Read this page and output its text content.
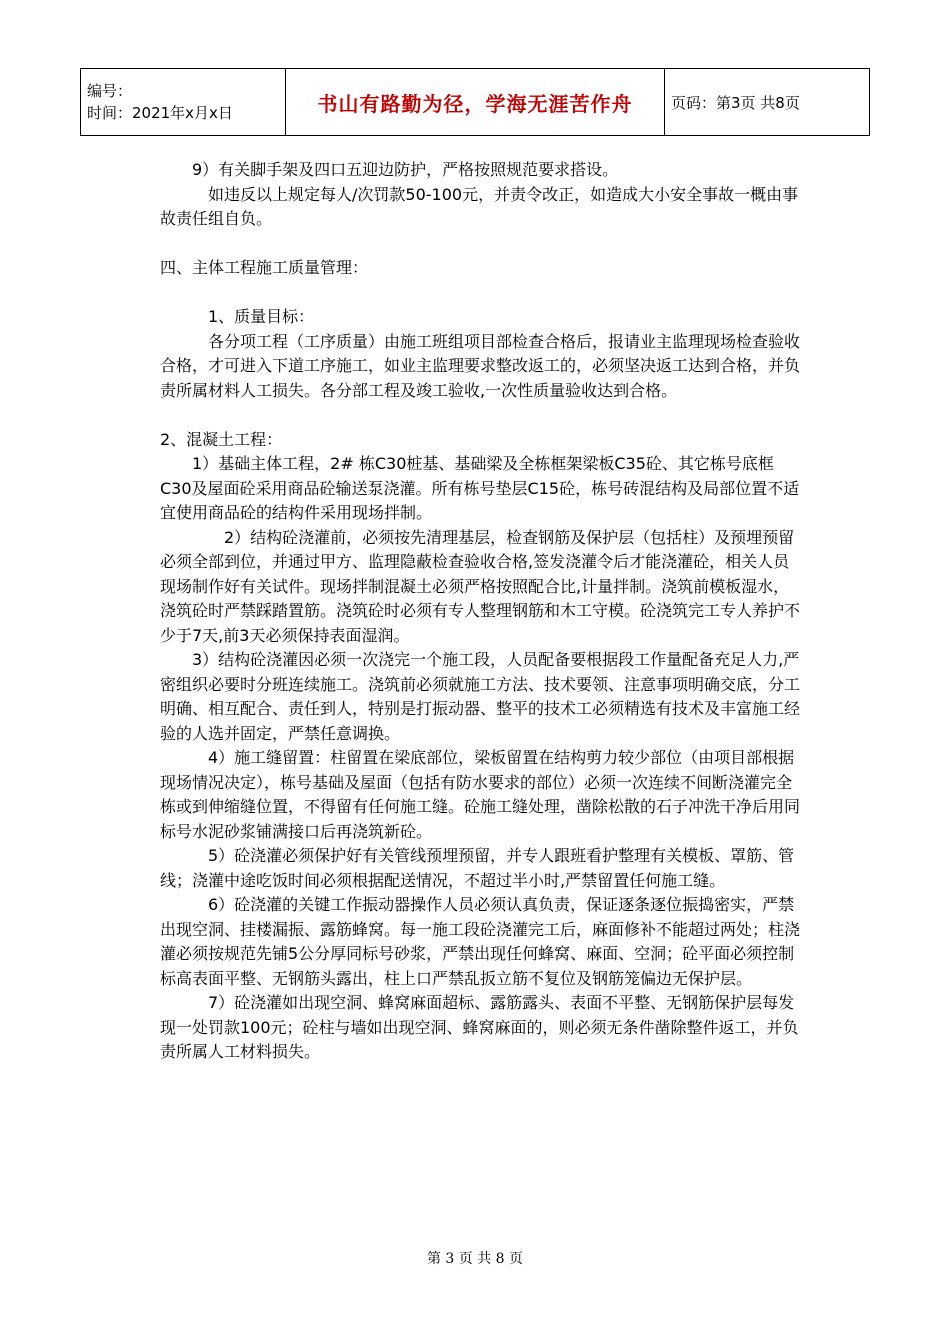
编号：
时间：2021年x月x日	书山有路勤为径，学海无涯苦作舟	页码：第3页 共8页

9）有关脚手架及四口五迎边防护，严格按照规范要求搭设。

如违反以上规定每人/次罚款50-100元，并责令改正，如造成大小安全事故一概由事故责任组自负。

四、主体工程施工质量管理：

1、质量目标：

各分项工程（工序质量）由施工班组项目部检查合格后，报请业主监理现场检查验收合格，才可进入下道工序施工，如业主监理要求整改返工的，必须坚决返工达到合格，并负责所属材料人工损失。各分部工程及竣工验收,一次性质量验收达到合格。

2、混凝土工程：

1）基础主体工程，2# 栋C30桩基、基础梁及全栋框架梁板C35砼、其它栋号底框C30及屋面砼采用商品砼输送泵浇灌。所有栋号垫层C15砼，栋号砖混结构及局部位置不适宜使用商品砼的结构件采用现场拌制。

2）结构砼浇灌前，必须按先清理基层，检查钢筋及保护层（包括柱）及预埋预留必须全部到位，并通过甲方、监理隐蔽检查验收合格,签发浇灌令后才能浇灌砼，相关人员现场制作好有关试件。现场拌制混凝土必须严格按照配合比,计量拌制。浇筑前模板湿水，浇筑砼时严禁踩踏置筋。浇筑砼时必须有专人整理钢筋和木工守模。砼浇筑完工专人养护不少于7天,前3天必须保持表面湿润。

3）结构砼浇灌因必须一次浇完一个施工段，人员配备要根据段工作量配备充足人力,严密组织必要时分班连续施工。浇筑前必须就施工方法、技术要领、注意事项明确交底，分工明确、相互配合、责任到人，特别是打振动器、整平的技术工必须精选有技术及丰富施工经验的人选并固定，严禁任意调换。

4）施工缝留置：柱留置在梁底部位，梁板留置在结构剪力较少部位（由项目部根据现场情况决定），栋号基础及屋面（包括有防水要求的部位）必须一次连续不间断浇灌完全栋或到伸缩缝位置，不得留有任何施工缝。砼施工缝处理，凿除松散的石子冲洗干净后用同标号水泥砂浆铺满接口后再浇筑新砼。

5）砼浇灌必须保护好有关管线预埋预留，并专人跟班看护整理有关模板、罩筋、管线；浇灌中途吃饭时间必须根据配送情况，不超过半小时,严禁留置任何施工缝。

6）砼浇灌的关键工作振动器操作人员必须认真负责，保证逐条逐位振捣密实，严禁出现空洞、挂楼漏振、露筋蜂窝。每一施工段砼浇灌完工后，麻面修补不能超过两处；柱浇灌必须按规范先铺5公分厚同标号砂浆，严禁出现任何蜂窝、麻面、空洞；砼平面必须控制标高表面平整、无钢筋头露出，柱上口严禁乱扳立筋不复位及钢筋笼偏边无保护层。

7）砼浇灌如出现空洞、蜂窝麻面超标、露筋露头、表面不平整、无钢筋保护层每发现一处罚款100元；砼柱与墙如出现空洞、蜂窝麻面的，则必须无条件凿除整件返工，并负责所属人工材料损失。

第 3 页 共 8 页
